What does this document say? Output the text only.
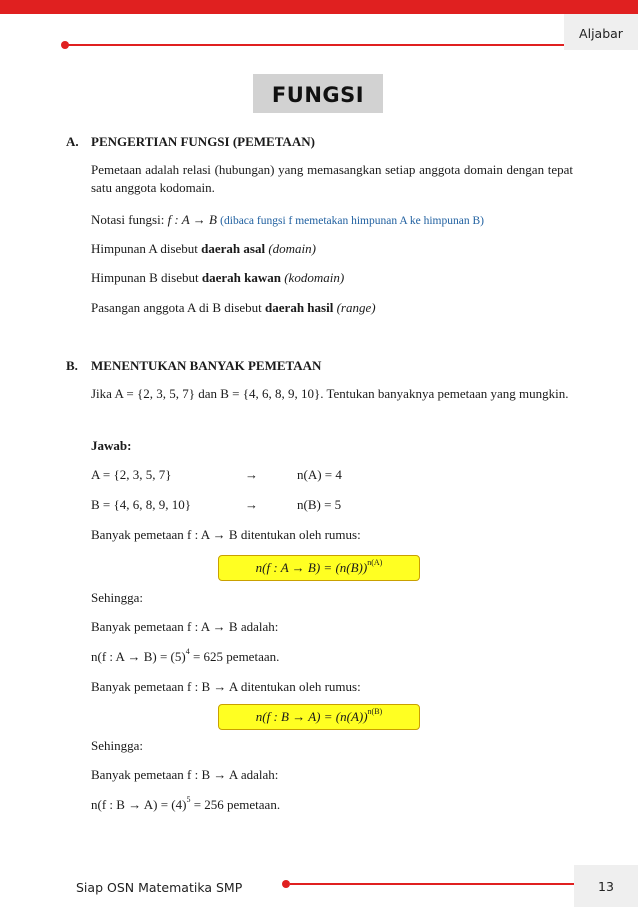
Aljabar
FUNGSI
A. PENGERTIAN FUNGSI (PEMETAAN)
Pemetaan adalah relasi (hubungan) yang memasangkan setiap anggota domain dengan tepat satu anggota kodomain.
Notasi fungsi: f : A → B (dibaca fungsi f memetakan himpunan A ke himpunan B)
Himpunan A disebut daerah asal (domain)
Himpunan B disebut daerah kawan (kodomain)
Pasangan anggota A di B disebut daerah hasil (range)
B. MENENTUKAN BANYAK PEMETAAN
Jika A = {2, 3, 5, 7} dan B = {4, 6, 8, 9, 10}. Tentukan banyaknya pemetaan yang mungkin.
Jawab:
A = {2, 3, 5, 7}	→	n(A) = 4
B = {4, 6, 8, 9, 10}	→	n(B) = 5
Banyak pemetaan f : A → B ditentukan oleh rumus:
n(f : $A \to B) = (n(B))^{n(A)}$
Sehingga:
Banyak pemetaan f : A → B adalah:
n(f : $A \to B) = (5)^4 = 625$ pemetaan.
Banyak pemetaan f : B → A ditentukan oleh rumus:
n(f : $B \to A) = (n(A))^{n(B)}$
Sehingga:
Banyak pemetaan f : B → A adalah:
n(f : $B \to A) = (4)^5 = 256$ pemetaan.
Siap OSN Matematika SMP	13
